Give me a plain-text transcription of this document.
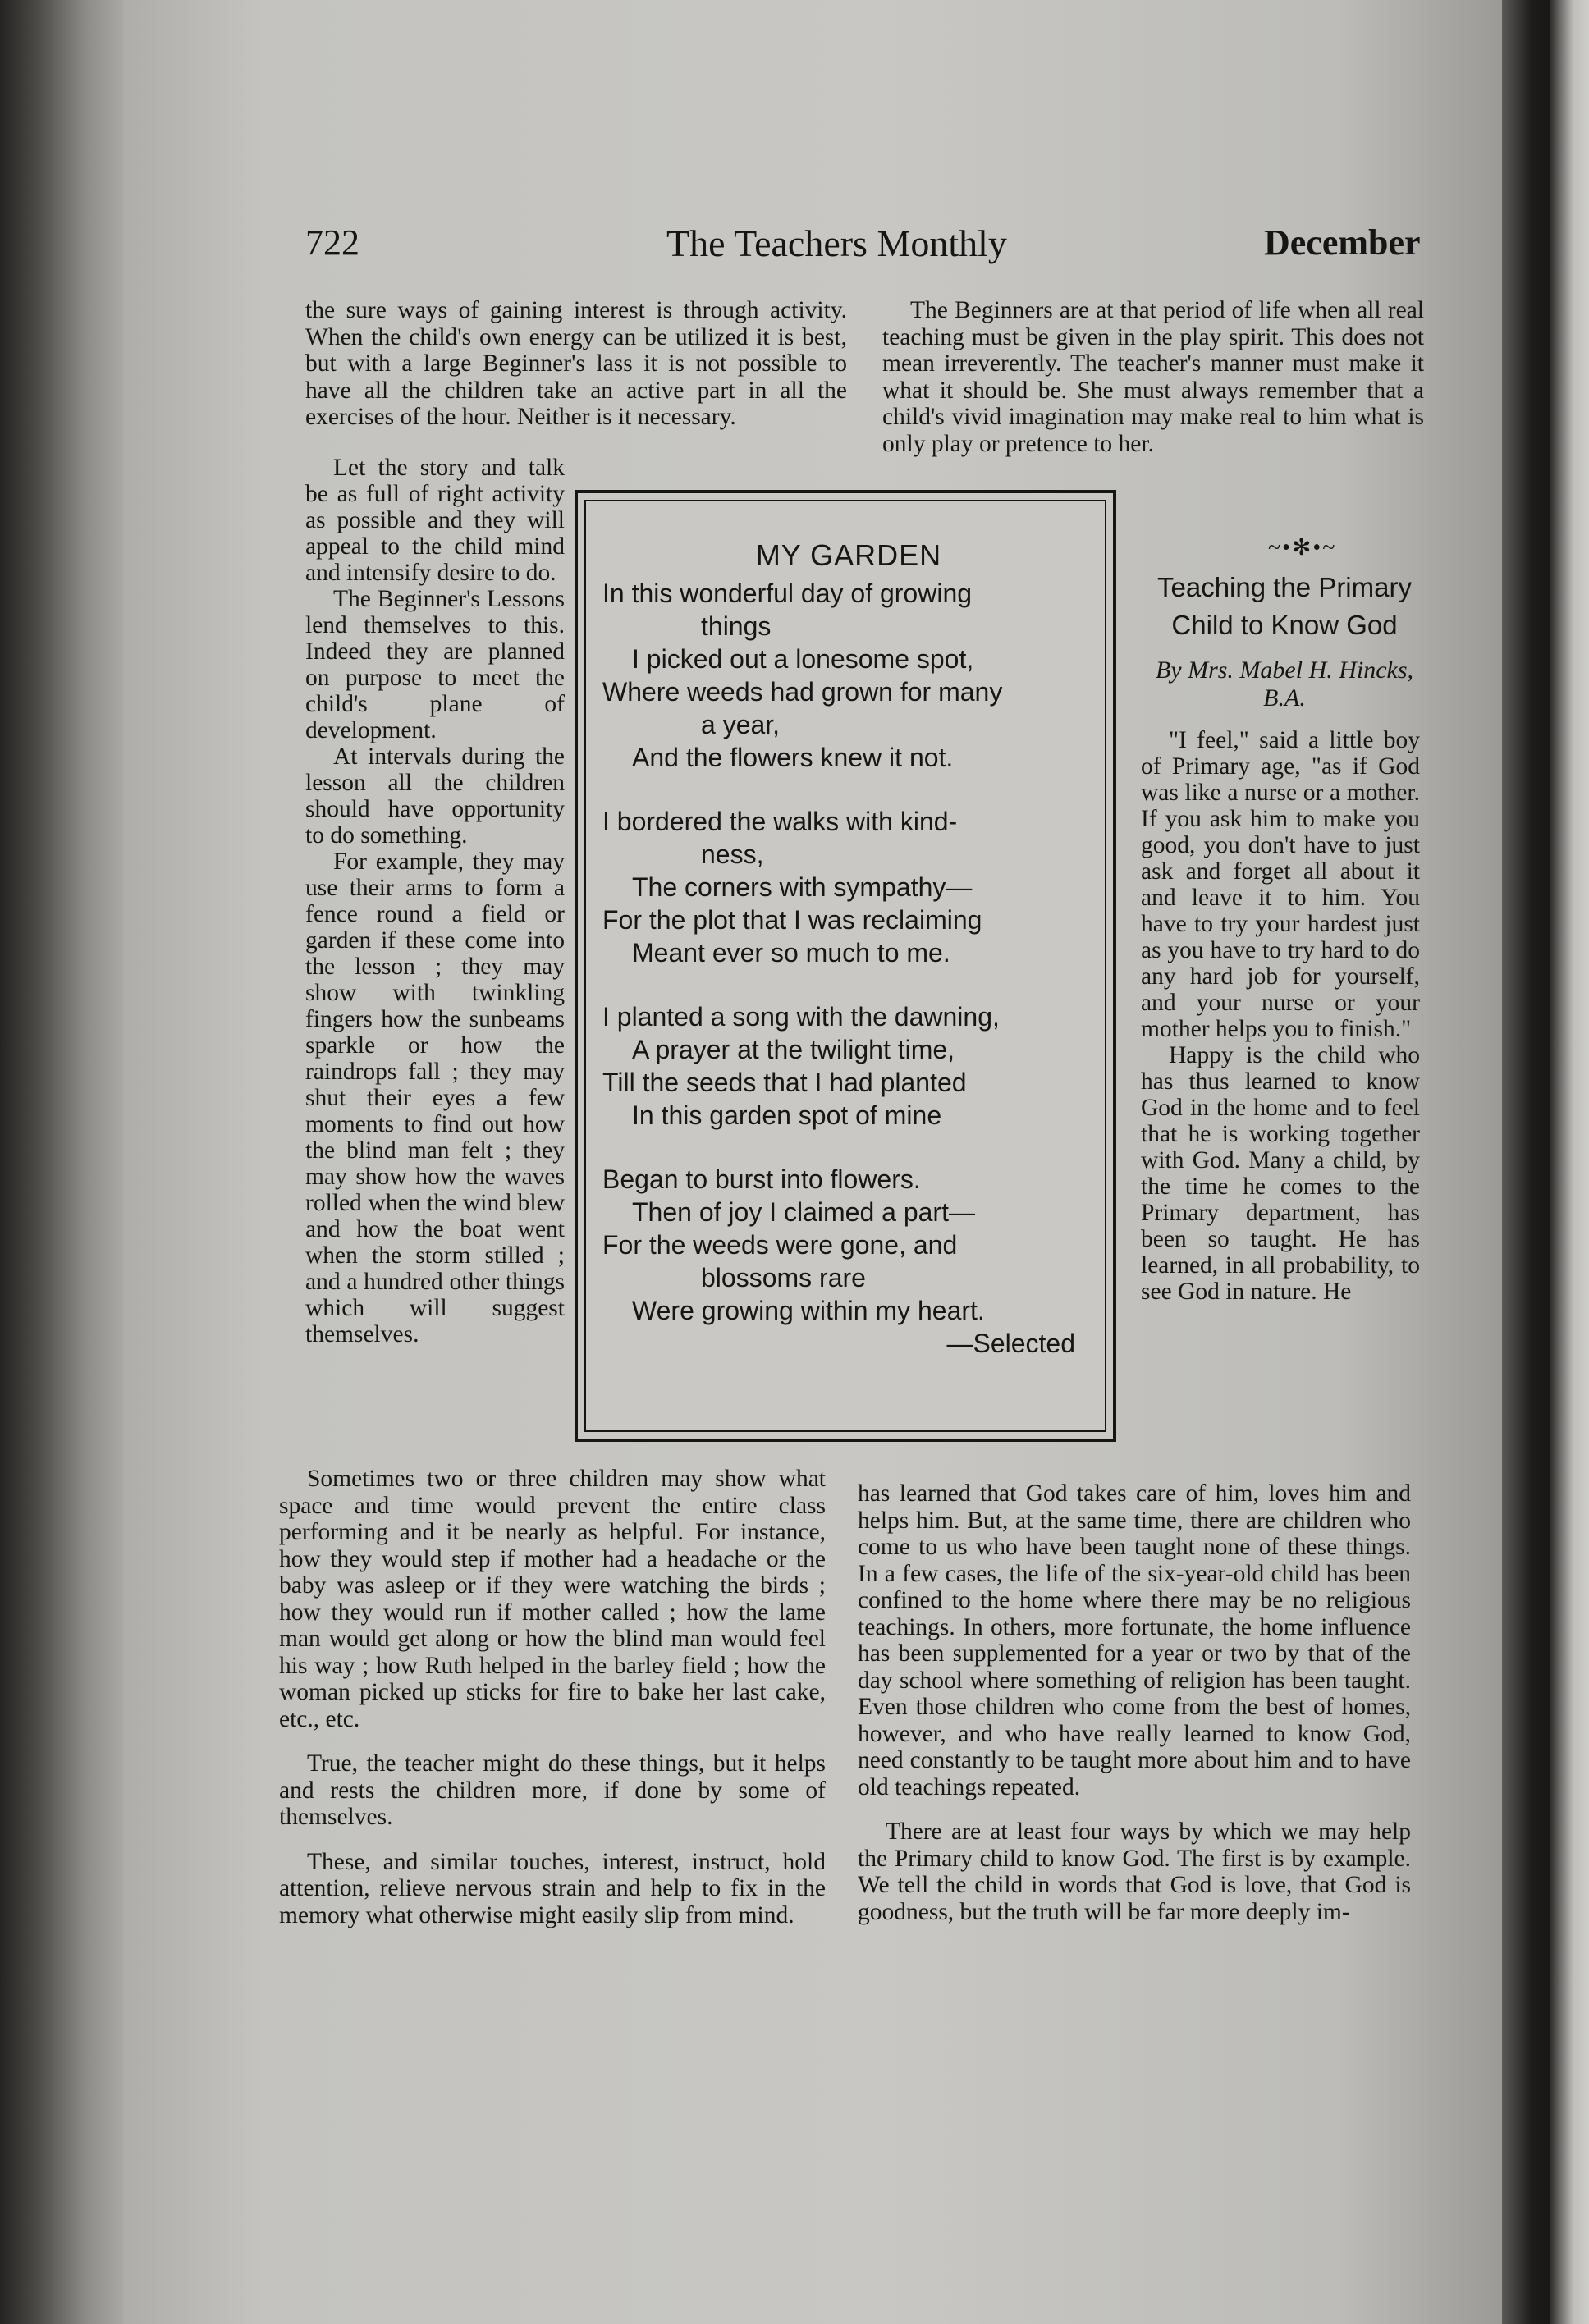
722	The Teachers Monthly	December

the sure ways of gaining interest is through activity. When the child's own energy can be utilized it is best, but with a large Beginner's lass it is not possible to have all the children take an active part in all the exercises of the hour. Neither is it necessary.

Let the story and talk be as full of right activity as possible and they will appeal to the child mind and intensify desire to do.

The Beginner's Lessons lend themselves to this. Indeed they are planned on purpose to meet the child's plane of development.

At intervals during the lesson all the children should have opportunity to do something.

For example, they may use their arms to form a fence round a field or garden if these come into the lesson ; they may show with twinkling fingers how the sunbeams sparkle or how the raindrops fall ; they may shut their eyes a few moments to find out how the blind man felt ; they may show how the waves rolled when the wind blew and how the boat went when the storm stilled ; and a hundred other things which will suggest themselves.

Sometimes two or three children may show what space and time would prevent the entire class performing and it be nearly as helpful. For instance, how they would step if mother had a headache or the baby was asleep or if they were watching the birds ; how they would run if mother called ; how the lame man would get along or how the blind man would feel his way ; how Ruth helped in the barley field ; how the woman picked up sticks for fire to bake her last cake, etc., etc.

True, the teacher might do these things, but it helps and rests the children more, if done by some of themselves.

These, and similar touches, interest, instruct, hold attention, relieve nervous strain and help to fix in the memory what otherwise might easily slip from mind.

The Beginners are at that period of life when all real teaching must be given in the play spirit. This does not mean irreverently. The teacher's manner must make it what it should be. She must always remember that a child's vivid imagination may make real to him what is only play or pretence to her.

~•✻•~
Teaching the Primary Child to Know God
By Mrs. Mabel H. Hincks, B.A.

"I feel," said a little boy of Primary age, "as if God was like a nurse or a mother. If you ask him to make you good, you don't have to just ask and forget all about it and leave it to him. You have to try your hardest just as you have to try hard to do any hard job for yourself, and your nurse or your mother helps you to finish."

Happy is the child who has thus learned to know God in the home and to feel that he is working together with God. Many a child, by the time he comes to the Primary department, has been so taught. He has learned, in all probability, to see God in nature. He

has learned that God takes care of him, loves him and helps him. But, at the same time, there are children who come to us who have been taught none of these things. In a few cases, the life of the six-year-old child has been confined to the home where there may be no religious teachings. In others, more fortunate, the home influence has been supplemented for a year or two by that of the day school where something of religion has been taught. Even those children who come from the best of homes, however, and who have really learned to know God, need constantly to be taught more about him and to have old teachings repeated.

There are at least four ways by which we may help the Primary child to know God. The first is by example. We tell the child in words that God is love, that God is goodness, but the truth will be far more deeply im-

MY GARDEN
In this wonderful day of growing
things
I picked out a lonesome spot,
Where weeds had grown for many
a year,
And the flowers knew it not.
I bordered the walks with kind-
ness,
The corners with sympathy—
For the plot that I was reclaiming
Meant ever so much to me.
I planted a song with the dawning,
A prayer at the twilight time,
Till the seeds that I had planted
In this garden spot of mine
Began to burst into flowers.
Then of joy I claimed a part—
For the weeds were gone, and
blossoms rare
Were growing within my heart.
—Selected
